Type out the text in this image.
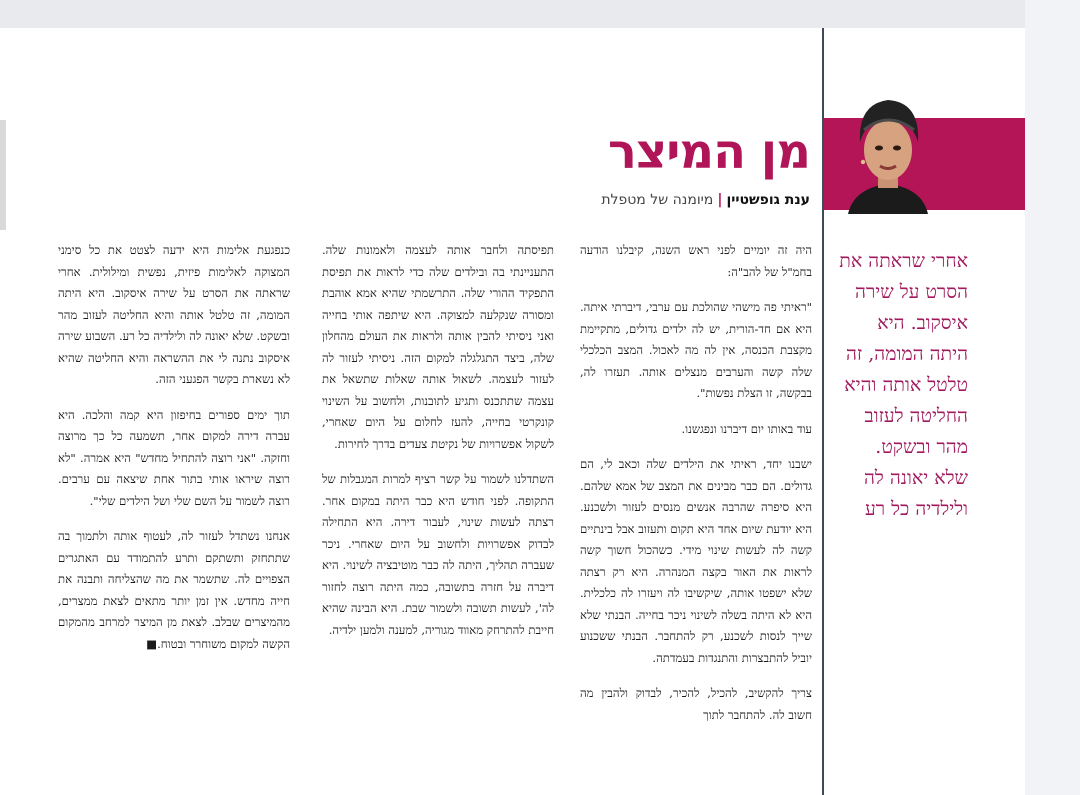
אחרי שראתה את הסרט על שירה איסקוב. היא היתה המומה, זה טלטל אותה והיא החליטה לעזוב מהר ובשקט. שלא יאונה לה ולילדיה כל רע
מן המיצר
ענת גופשטיין|מיומנה של מטפלת

היה זה יומיים לפני ראש השנה, קיבלנו הודעה בחמ"ל של להב"ה:

"ראיתי פה מישהי שהולכת עם ערבי, דיברתי איתה. היא אם חד-הורית, יש לה ילדים גדולים, מתקיימת מקצבת הכנסה, אין לה מה לאכול. המצב הכלכלי שלה קשה והערבים מנצלים אותה. תעזרו לה, בבקשה, זו הצלת נפשות".

עוד באותו יום דיברנו ונפגשנו.

ישבנו יחד, ראיתי את הילדים שלה וכאב לי, הם גדולים. הם כבר מבינים את המצב של אמא שלהם. היא סיפרה שהרבה אנשים מנסים לעזור ולשכנע. היא יודעת שיום אחד היא תקום ותעזוב אבל בינתיים קשה לה לעשות שינוי מידי. כשהכול חשוך קשה לראות את האור בקצה המנהרה. היא רק רצתה שלא ישפטו אותה, שיקשיבו לה ויעזרו לה כלכלית. היא לא היתה בשלה לשינוי ניכר בחייה. הבנתי שלא שייך לנסות לשכנע, רק להתחבר. הבנתי ששכנוע יוביל להתבצרות והתנגדות בעמדתה.

צריך להקשיב, להכיל, להכיר, לבדוק ולהבין מה חשוב לה. להתחבר לתוך

תפיסתה ולחבר אותה לעצמה ולאמונות שלה. התעניינתי בה ובילדים שלה כדי לראות את תפיסת התפקיד ההורי שלה. התרשמתי שהיא אמא אוהבת ומסורה שנקלעה למצוקה. היא שיתפה אותי בחייה ואני ניסיתי להבין אותה ולראות את העולם מהחלון שלה, ביצד התגלגלה למקום הזה. ניסיתי לעזור לה לעזור לעצמה. לשאול אותה שאלות שתשאל את עצמה שתתכנס ותגיע לתובנות, ולחשוב על השינוי קונקרטי בחייה, להעז לחלום על היום שאחרי, לשקול אפשרויות של נקיטת צעדים בדרך לחירות.

השתדלנו לשמור על קשר רציף למרות המגבלות של התקופה. לפני חודש היא כבר היתה במקום אחר. רצתה לעשות שינוי, לעבור דירה. היא התחילה לבדוק אפשרויות ולחשוב על היום שאחרי. ניכר שעברה תהליך, היתה לה כבר מוטיבציה לשינוי. היא דיברה על חזרה בתשובה, כמה היתה רוצה לחזור לה', לעשות תשובה ולשמור שבת. היא הבינה שהיא חייבת להתרחק מאווד מגוריה, למענה ולמען ילדיה.

כנפגעת אלימות היא ידעה לצטט את כל סימני המצוקה לאלימות פיזית, נפשית ומילולית. אחרי שראתה את הסרט על שירה איסקוב. היא היתה המומה, זה טלטל אותה והיא החליטה לעזוב מהר ובשקט. שלא יאונה לה ולילדיה כל רע. השבוע שירה איסקוב נתנה לי את ההשראה והיא החליטה שהיא לא נשארת בקשר הפגעני הזה.

תוך ימים ספורים בחיפזון היא קמה והלכה. היא עברה דירה למקום אחר, תשמעה כל כך מרוצה וחזקה. "אני רוצה להתחיל מחדש" היא אמרה. "לא רוצה שיראו אותי בתור אחת שיצאה עם ערבים. רוצה לשמור על השם שלי ושל הילדים שלי".

אנחנו נשתדל לעזור לה, לעטוף אותה ולתמוך בה שתתחזק ותשתקם ותרע להתמודד עם האתגרים הצפויים לה. שתשמר את מה שהצליחה ותבנה את חייה מחדש. אין זמן יותר מתאים לצאת ממצרים, מהמיצרים שבלב. לצאת מן המיצר למרחב מהמקום הקשה למקום משוחרר ובטוח.■
